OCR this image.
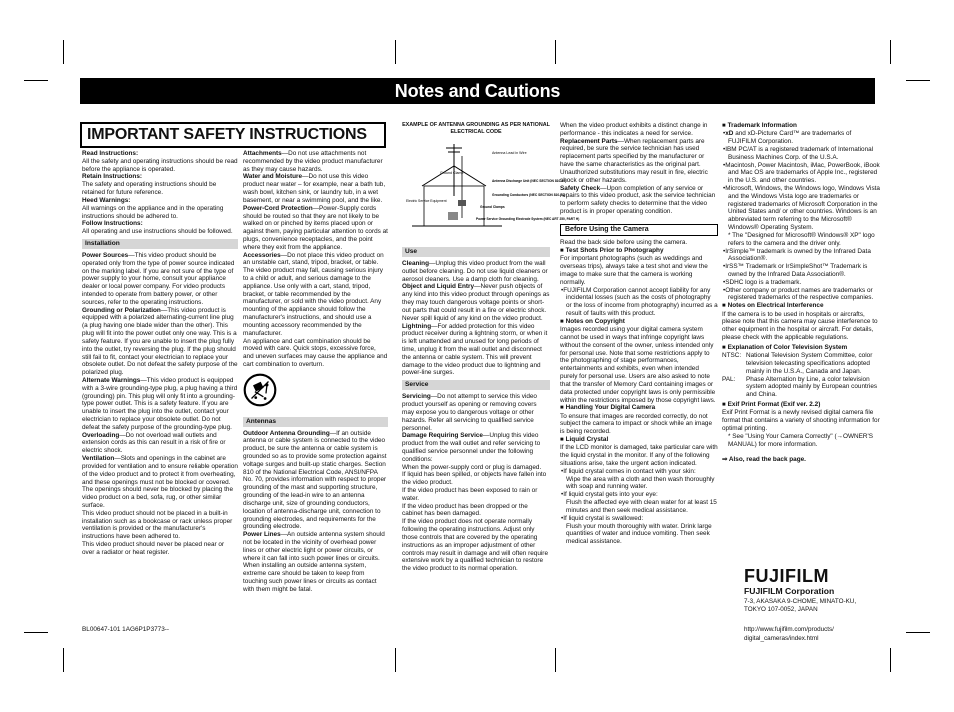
Notes and Cautions
IMPORTANT SAFETY INSTRUCTIONS

Read Instructions:

All the safety and operating instructions should be read before the appliance is operated.

Retain Instructions:

The safety and operating instructions should be retained for future reference.

Heed Warnings:

All warnings on the appliance and in the operating instructions should be adhered to.

Follow Instructions:

All operating and use instructions should be followed.

Installation

Power Sources—This video product should be operated only from the type of power source indicated on the marking label. If you are not sure of the type of power supply to your home, consult your appliance dealer or local power company. For video products intended to operate from battery power, or other sources, refer to the operating instructions.

Grounding or Polarization—This video product is equipped with a polarized alternating-current line plug (a plug having one blade wider than the other). This plug will fit into the power outlet only one way. This is a safety feature. If you are unable to insert the plug fully into the outlet, try reversing the plug. If the plug should still fail to fit, contact your electrician to replace your obsolete outlet. Do not defeat the safety purpose of the polarized plug.

Alternate Warnings—This video product is equipped with a 3-wire grounding-type plug, a plug having a third (grounding) pin. This plug will only fit into a grounding-type power outlet. This is a safety feature. If you are unable to insert the plug into the outlet, contact your electrician to replace your obsolete outlet. Do not defeat the safety purpose of the grounding-type plug.

Overloading—Do not overload wall outlets and extension cords as this can result in a risk of fire or electric shock.

Ventilation—Slots and openings in the cabinet are provided for ventilation and to ensure reliable operation of the video product and to protect it from overheating, and these openings must not be blocked or covered.

The openings should never be blocked by placing the video product on a bed, sofa, rug, or other similar surface.

This video product should not be placed in a built-in installation such as a bookcase or rack unless proper ventilation is provided or the manufacturer's instructions have been adhered to.

This video product should never be placed near or over a radiator or heat register.

Attachments—Do not use attachments not recommended by the video product manufacturer as they may cause hazards.

Water and Moisture—Do not use this video product near water – for example, near a bath tub, wash bowl, kitchen sink, or laundry tub, in a wet basement, or near a swimming pool, and the like.

Power-Cord Protection—Power-Supply cords should be routed so that they are not likely to be walked on or pinched by items placed upon or against them, paying particular attention to cords at plugs, convenience receptacles, and the point where they exit from the appliance.

Accessories—Do not place this video product on an unstable cart, stand, tripod, bracket, or table. The video product may fall, causing serious injury to a child or adult, and serious damage to the appliance. Use only with a cart, stand, tripod, bracket, or table recommended by the manufacturer, or sold with the video product. Any mounting of the appliance should follow the manufacturer's instructions, and should use a mounting accessory recommended by the manufacturer.

An appliance and cart combination should be moved with care. Quick stops, excessive force, and uneven surfaces may cause the appliance and cart combination to overturn.

Antennas

Outdoor Antenna Grounding—If an outside antenna or cable system is connected to the video product, be sure the antenna or cable system is grounded so as to provide some protection against voltage surges and built-up static charges. Section 810 of the National Electrical Code, ANSI/NFPA No. 70, provides information with respect to proper grounding of the mast and supporting structure, grounding of the lead-in wire to an antenna discharge unit, size of grounding conductors, location of antenna-discharge unit, connection to grounding electrodes, and requirements for the grounding electrode.

Power Lines—An outside antenna system should not be located in the vicinity of overhead power lines or other electric light or power circuits, or where it can fall into such power lines or circuits. When installing an outside antenna system, extreme care should be taken to keep from touching such power lines or circuits as contact with them might be fatal.

EXAMPLE OF ANTENNA GROUNDING AS PER NATIONAL ELECTRICAL CODE
Ground Clamp
Antenna Lead in Wire
Antenna Discharge Unit (NEC SECTION 810-20)
Grounding Conductors (NEC SECTION 810-21)
Ground Clamps
Power Service Grounding Electrode System (NEC ART 250, PART H)
Electric Service Equipment
Use

Cleaning—Unplug this video product from the wall outlet before cleaning. Do not use liquid cleaners or aerosol cleaners. Use a damp cloth for cleaning.

Object and Liquid Entry—Never push objects of any kind into this video product through openings as they may touch dangerous voltage points or short-out parts that could result in a fire or electric shock. Never spill liquid of any kind on the video product.

Lightning—For added protection for this video product receiver during a lightning storm, or when it is left unattended and unused for long periods of time, unplug it from the wall outlet and disconnect the antenna or cable system. This will prevent damage to the video product due to lightning and power-line surges.

Service

Servicing—Do not attempt to service this video product yourself as opening or removing covers may expose you to dangerous voltage or other hazards. Refer all servicing to qualified service personnel.

Damage Requiring Service—Unplug this video product from the wall outlet and refer servicing to qualified service personnel under the following conditions:

When the power-supply cord or plug is damaged.

If liquid has been spilled, or objects have fallen into the video product.

If the video product has been exposed to rain or water.

If the video product has been dropped or the cabinet has been damaged.

If the video product does not operate normally following the operating instructions. Adjust only those controls that are covered by the operating instructions as an improper adjustment of other controls may result in damage and will often require extensive work by a qualified technician to restore the video product to its normal operation.

When the video product exhibits a distinct change in performance - this indicates a need for service.

Replacement Parts—When replacement parts are required, be sure the service technician has used replacement parts specified by the manufacturer or have the same characteristics as the original part. Unauthorized substitutions may result in fire, electric shock or other hazards.

Safety Check—Upon completion of any service or repairs to this video product, ask the service technician to perform safety checks to determine that the video product is in proper operating condition.

Before Using the Camera

Read the back side before using the camera.

■ Test Shots Prior to Photography

For important photographs (such as weddings and overseas trips), always take a test shot and view the image to make sure that the camera is working normally.

• FUJIFILM Corporation cannot accept liability for any incidental losses (such as the costs of photography or the loss of income from photography) incurred as a result of faults with this product.

■ Notes on Copyright

Images recorded using your digital camera system cannot be used in ways that infringe copyright laws without the consent of the owner, unless intended only for personal use. Note that some restrictions apply to the photographing of stage performances, entertainments and exhibits, even when intended purely for personal use. Users are also asked to note that the transfer of Memory Card containing images or data protected under copyright laws is only permissible within the restrictions imposed by those copyright laws.

■ Handling Your Digital Camera

To ensure that images are recorded correctly, do not subject the camera to impact or shock while an image is being recorded.

■ Liquid Crystal

If the LCD monitor is damaged, take particular care with the liquid crystal in the monitor. If any of the following situations arise, take the urgent action indicated.

• If liquid crystal comes in contact with your skin:

Wipe the area with a cloth and then wash thoroughly with soap and running water.

• If liquid crystal gets into your eye:

Flush the affected eye with clean water for at least 15 minutes and then seek medical assistance.

• If liquid crystal is swallowed:

Flush your mouth thoroughly with water. Drink large quantities of water and induce vomiting. Then seek medical assistance.

■ Trademark Information

• xD and xD-Picture Card™ are trademarks of FUJIFILM Corporation.

• IBM PC/AT is a registered trademark of International Business Machines Corp. of the U.S.A.

• Macintosh, Power Macintosh, iMac, PowerBook, iBook and Mac OS are trademarks of Apple Inc., registered in the U.S. and other countries.

• Microsoft, Windows, the Windows logo, Windows Vista and the Windows Vista logo are trademarks or registered trademarks of Microsoft Corporation in the United States and/ or other countries. Windows is an abbreviated term referring to the Microsoft® Windows® Operating System.

* The "Designed for Microsoft® Windows® XP" logo refers to the camera and the driver only.

• IrSimple™ trademark is owned by the Infrared Data Association®.

• IrSS™ Trademark or IrSimpleShot™ Trademark is owned by the Infrared Data Association®.

• SDHC logo is a trademark.

• Other company or product names are trademarks or registered trademarks of the respective companies.

■ Notes on Electrical Interference

If the camera is to be used in hospitals or aircrafts, please note that this camera may cause interference to other equipment in the hospital or aircraft. For details, please check with the applicable regulations.

■ Explanation of Color Television System

NTSC: National Television System Committee, color television telecasting specifications adopted mainly in the U.S.A., Canada and Japan.
PAL:	Phase Alternation by Line, a color television system adopted mainly by European countries and China.

■ Exif Print Format (Exif ver. 2.2)

Exif Print Format is a newly revised digital camera file format that contains a variety of shooting information for optimal printing.

* See "Using Your Camera Correctly" (→OWNER'S MANUAL) for more information.

⇒ Also, read the back page.

FUJIFILM
FUJIFILM Corporation
7-3, AKASAKA 9-CHOME, MINATO-KU,
TOKYO 107-0052, JAPAN
http://www.fujifilm.com/products/
digital_cameras/index.html
BL00647-101 1AG6P1P3773--
